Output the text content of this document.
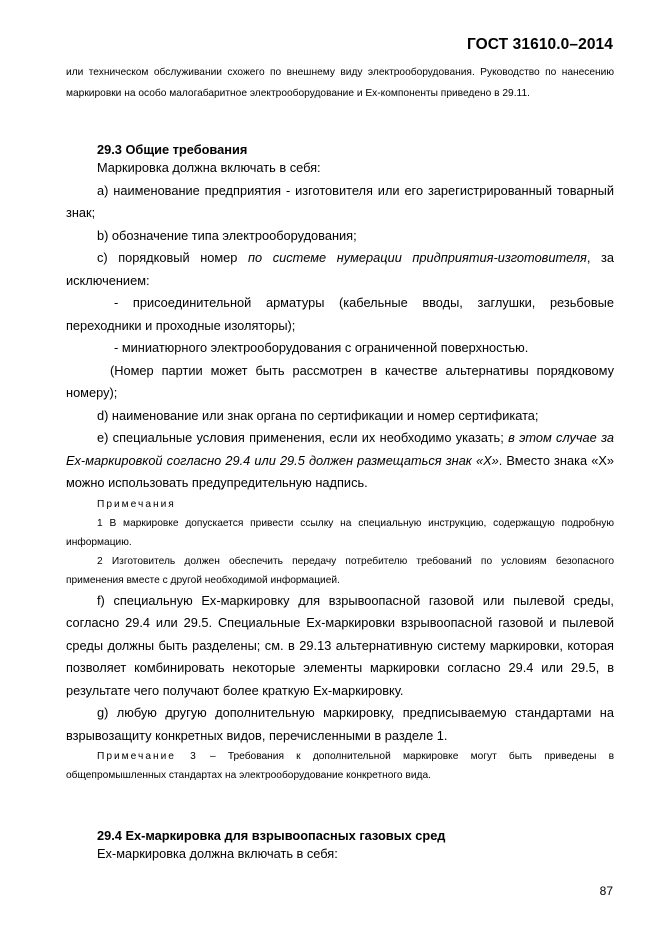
ГОСТ 31610.0–2014

или техническом обслуживании схожего по внешнему виду электрооборудования. Руководство по нанесению маркировки на особо малогабаритное электрооборудование и Ex-компоненты приведено в 29.11.

29.3 Общие требования

Маркировка должна включать в себя:

а) наименование предприятия - изготовителя или его зарегистрированный товарный знак;

b) обозначение типа электрооборудования;

с) порядковый номер по системе нумерации придприятия-изготовителя, за исключением:

- присоединительной арматуры (кабельные вводы, заглушки, резьбовые переходники и проходные изоляторы);

- миниатюрного электрооборудования с ограниченной поверхностью.

(Номер партии может быть рассмотрен в качестве альтернативы порядковому номеру);

d) наименование или знак органа по сертификации и номер сертификата;

е) специальные условия применения, если их необходимо указать; в этом случае за Ex-маркировкой согласно 29.4 или 29.5 должен размещаться знак «Х». Вместо знака «Х» можно использовать предупредительную надпись.

Примечания

1 В маркировке допускается привести ссылку на специальную инструкцию, содержащую подробную информацию.

2 Изготовитель должен обеспечить передачу потребителю требований по условиям безопасного применения вместе с другой необходимой информацией.

f) специальную Ex-маркировку для взрывоопасной газовой или пылевой среды, согласно 29.4 или 29.5. Специальные Ex-маркировки взрывоопасной газовой и пылевой среды должны быть разделены; см. в 29.13 альтернативную систему маркировки, которая позволяет комбинировать некоторые элементы маркировки согласно 29.4 или 29.5, в результате чего получают более краткую Ex-маркировку.

g) любую другую дополнительную маркировку, предписываемую стандартами на взрывозащиту конкретных видов, перечисленными в разделе 1.

Примечание 3 – Требования к дополнительной маркировке могут быть приведены в общепромышленных стандартах на электрооборудование конкретного вида.

29.4 Ex-маркировка для взрывоопасных газовых сред

Ex-маркировка должна включать в себя:

87
